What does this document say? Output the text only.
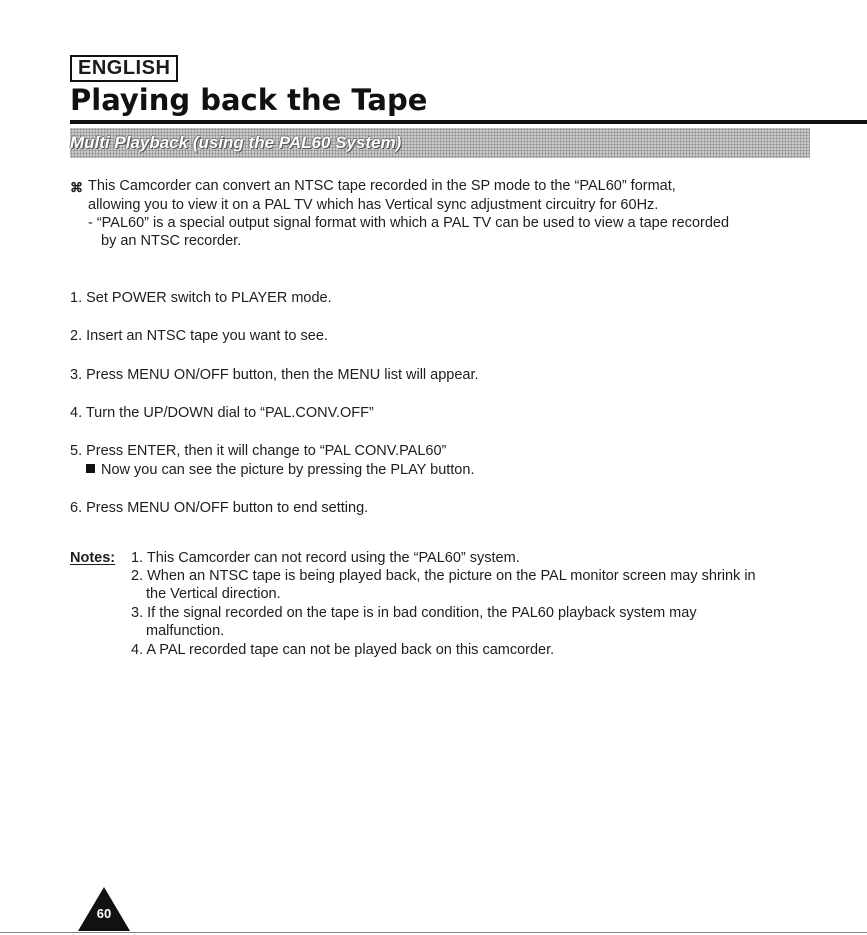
ENGLISH
Playing back the Tape
Multi Playback (using the PAL60 System)
⌘ This Camcorder can convert an NTSC tape recorded in the SP mode to the “PAL60” format,
allowing you to view it on a PAL TV which has Vertical sync adjustment circuitry for 60Hz.
- “PAL60” is a special output signal format with which a PAL TV can be used to view a tape recorded
by an NTSC recorder.
1. Set POWER switch to PLAYER mode.
2. Insert an NTSC tape you want to see.
3. Press MENU ON/OFF button, then the MENU list will appear.
4. Turn the UP/DOWN dial to “PAL.CONV.OFF”
5. Press ENTER, then it will change to “PAL CONV.PAL60”
Now you can see the picture by pressing the PLAY button.
6. Press MENU ON/OFF button to end setting.
Notes: 1. This Camcorder can not record using the “PAL60” system.
2. When an NTSC tape is being played back, the picture on the PAL monitor screen may shrink in
the Vertical direction.
3. If the signal recorded on the tape is in bad condition, the PAL60 playback system may
malfunction.
4. A PAL recorded tape can not be played back on this camcorder.
60
